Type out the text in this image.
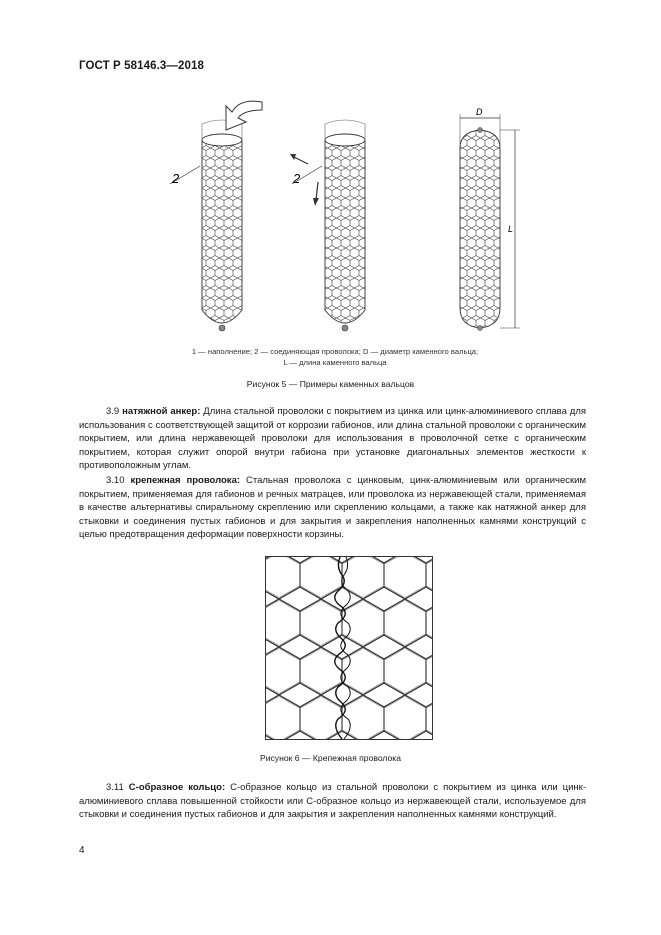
ГОСТ Р 58146.3—2018
2	2
D
L
1 — наполнение; 2 — соединяющая проволока; D — диаметр каменного вальца;
L — длина каменного вальца
Рисунок 5 — Примеры каменных вальцов
3.9 натяжной анкер: Длина стальной проволоки с покрытием из цинка или цинк-алюминиевого сплава для использования с соответствующей защитой от коррозии габионов, или длина стальной проволоки с органическим покрытием, или длина нержавеющей проволоки для использования в проволочной сетке с органическим покрытием, которая служит опорой внутри габиона при установке диагональных элементов жесткости к противоположным углам.
3.10 крепежная проволока: Стальная проволока с цинковым, цинк-алюминиевым или органическим покрытием, применяемая для габионов и речных матрацев, или проволока из нержавеющей стали, применяемая в качестве альтернативы спиральному скреплению или скреплению кольцами, а также как натяжной анкер для стыковки и соединения пустых габионов и для закрытия и закрепления наполненных камнями конструкций с целью предотвращения деформации поверхности корзины.
Рисунок 6 — Крепежная проволока
3.11 С-образное кольцо: С-образное кольцо из стальной проволоки с покрытием из цинка или цинк-алюминиевого сплава повышенной стойкости или С-образное кольцо из нержавеющей стали, используемое для стыковки и соединения пустых габионов и для закрытия и закрепления наполненных камнями конструкций.
4
